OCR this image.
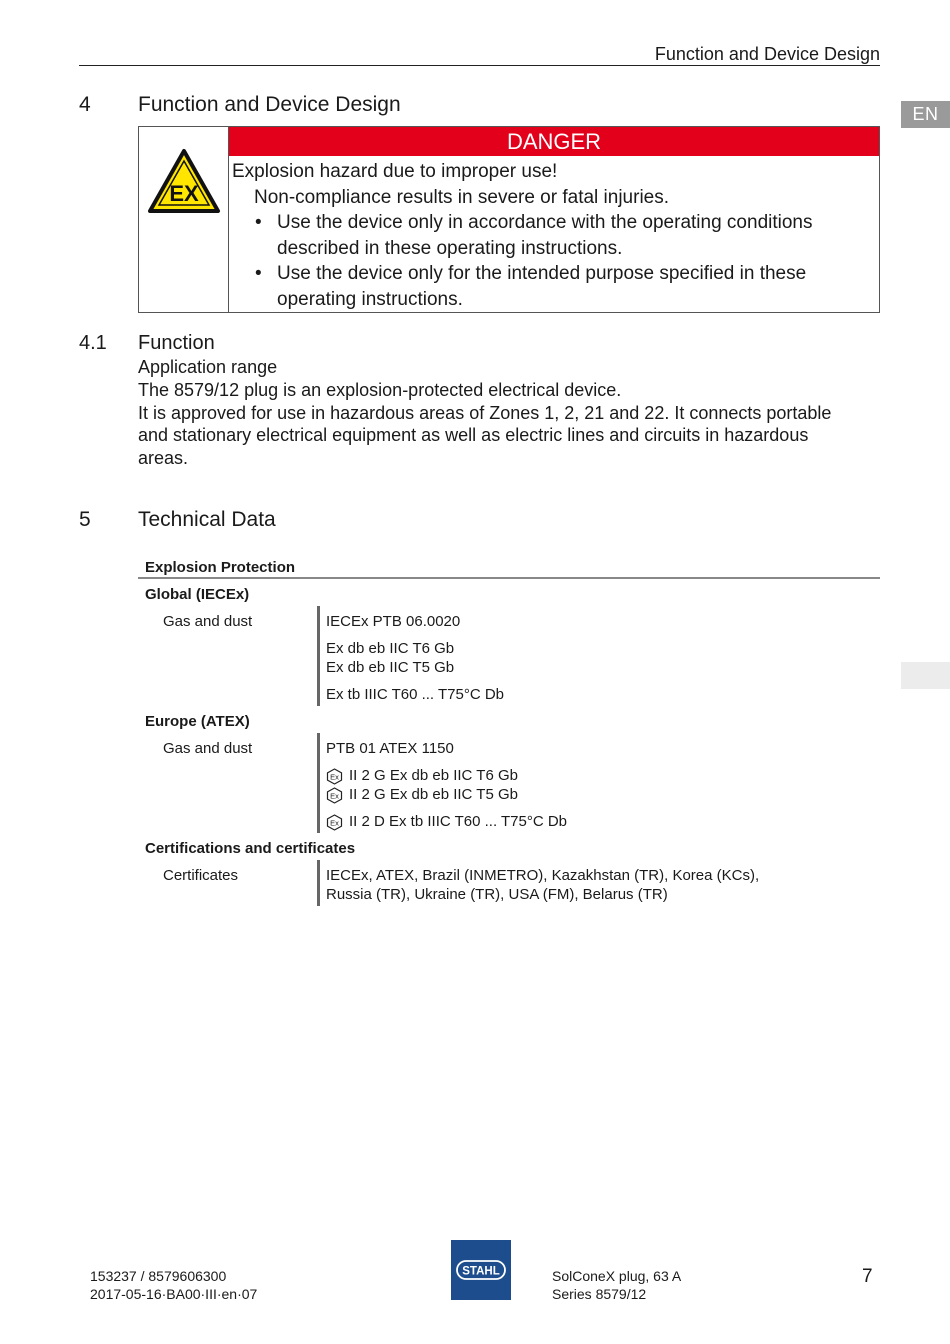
Function and Device Design
EN
4 Function and Device Design
EX
DANGER
Explosion hazard due to improper use!
Non-compliance results in severe or fatal injuries.
• Use the device only in accordance with the operating conditions
described in these operating instructions.
• Use the device only for the intended purpose specified in these
operating instructions.
4.1 Function
Application range
The 8579/12 plug is an explosion-protected electrical device.
It is approved for use in hazardous areas of Zones 1, 2, 21 and 22. It connects portable
and stationary electrical equipment as well as electric lines and circuits in hazardous
areas.
5 Technical Data
Explosion Protection
Global (IECEx)
Gas and dust	IECEx PTB 06.0020
Ex db eb IIC T6 Gb
Ex db eb IIC T5 Gb
Ex tb IIIC T60 ... T75°C Db
Europe (ATEX)
Gas and dust	PTB 01 ATEX 1150
Ex II 2 G Ex db eb IIC T6 Gb
Ex II 2 G Ex db eb IIC T5 Gb
Ex II 2 D Ex tb IIIC T60 ... T75°C Db
Certifications and certificates
Certificates	IECEx, ATEX, Brazil (INMETRO), Kazakhstan (TR), Korea (KCs),
Russia (TR), Ukraine (TR), USA (FM), Belarus (TR)
153237 / 8579606300
2017-05-16·BA00·III·en·07
STAHL	SolConeX plug, 63 A
Series 8579/12
7
